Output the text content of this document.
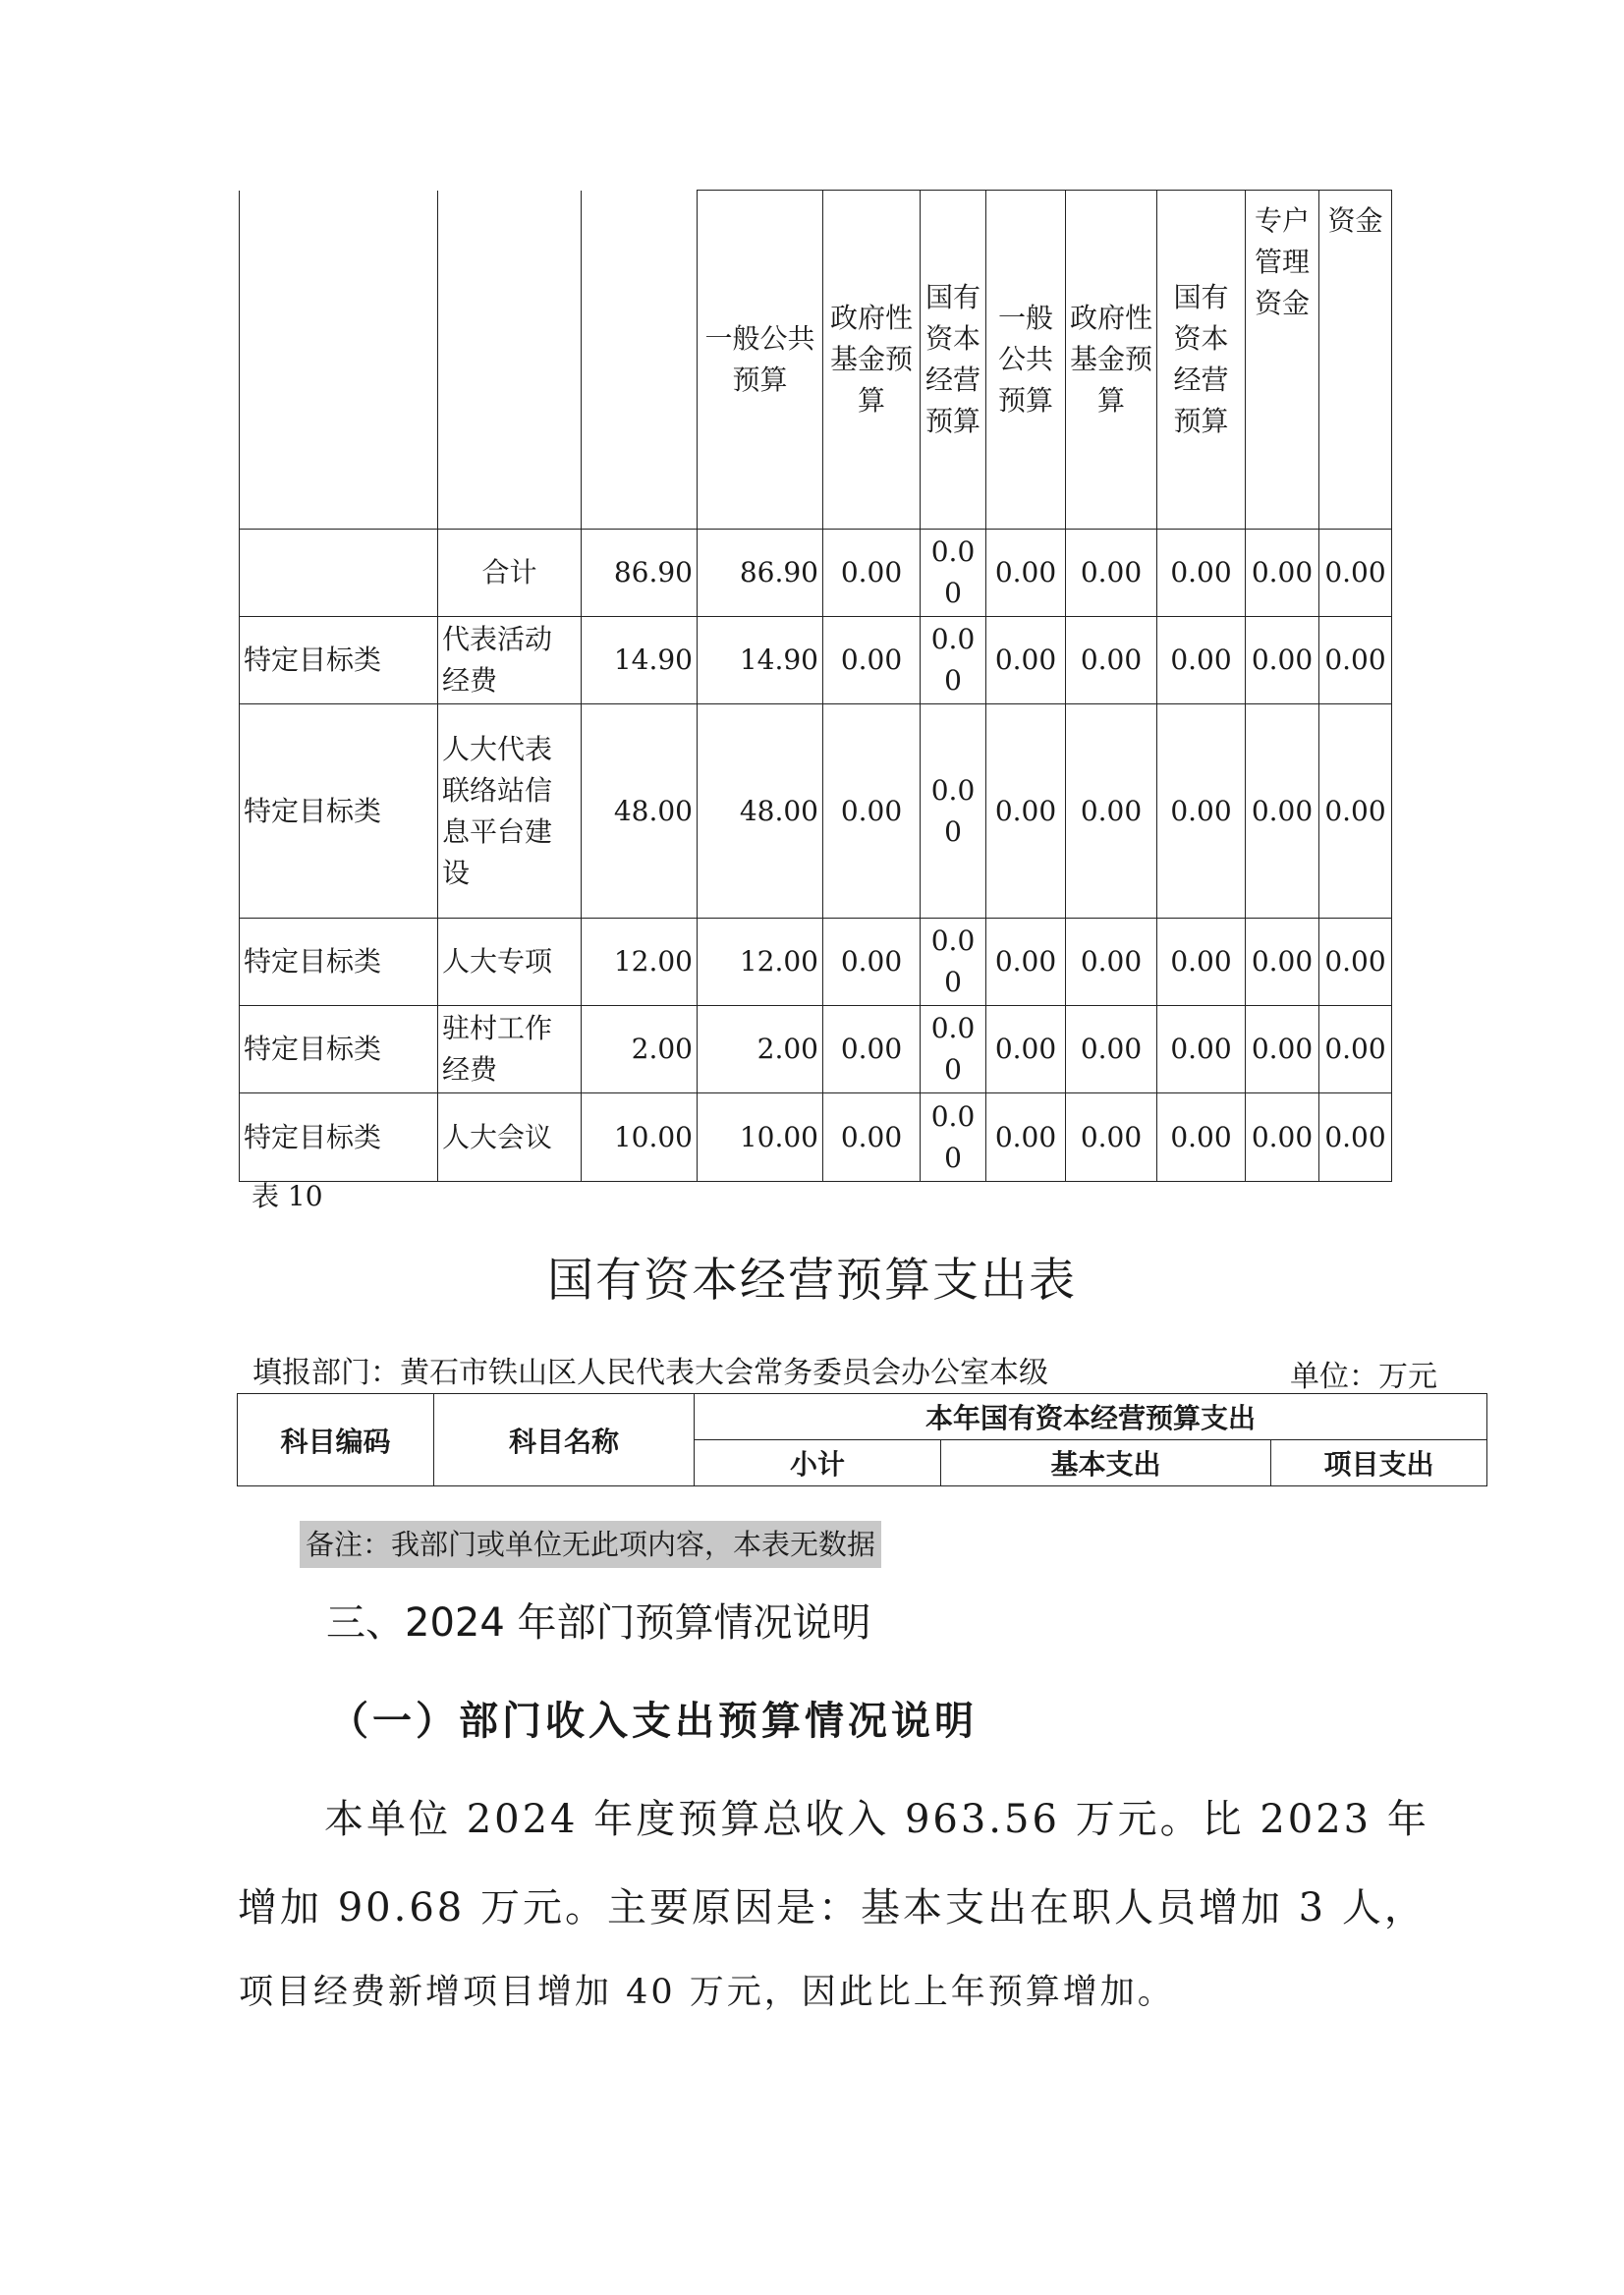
			一般公共预算	政府性基金预算	国有资本经营预算	一般公共预算	政府性基金预算	国有资本经营预算	专户管理资金	资金
	合计	86.90	86.90	0.00	0.00	0.00	0.00	0.00	0.00	0.00
特定目标类	代表活动经费	14.90	14.90	0.00	0.00	0.00	0.00	0.00	0.00	0.00
特定目标类	人大代表联络站信息平台建设	48.00	48.00	0.00	0.00	0.00	0.00	0.00	0.00	0.00
特定目标类	人大专项	12.00	12.00	0.00	0.00	0.00	0.00	0.00	0.00	0.00
特定目标类	驻村工作经费	2.00	2.00	0.00	0.00	0.00	0.00	0.00	0.00	0.00
特定目标类	人大会议	10.00	10.00	0.00	0.00	0.00	0.00	0.00	0.00	0.00
表 10
国有资本经营预算支出表
填报部门：黄石市铁山区人民代表大会常务委员会办公室本级	单位：万元
科目编码	科目名称	本年国有资本经营预算支出		
		小计	基本支出	项目支出
备注：我部门或单位无此项内容，本表无数据
三、2024 年部门预算情况说明
（一）部门收入支出预算情况说明
本单位 2024 年度预算总收入 963.56 万元。比 2023 年
增加 90.68 万元。主要原因是：基本支出在职人员增加 3 人，
项目经费新增项目增加 40 万元，因此比上年预算增加。
